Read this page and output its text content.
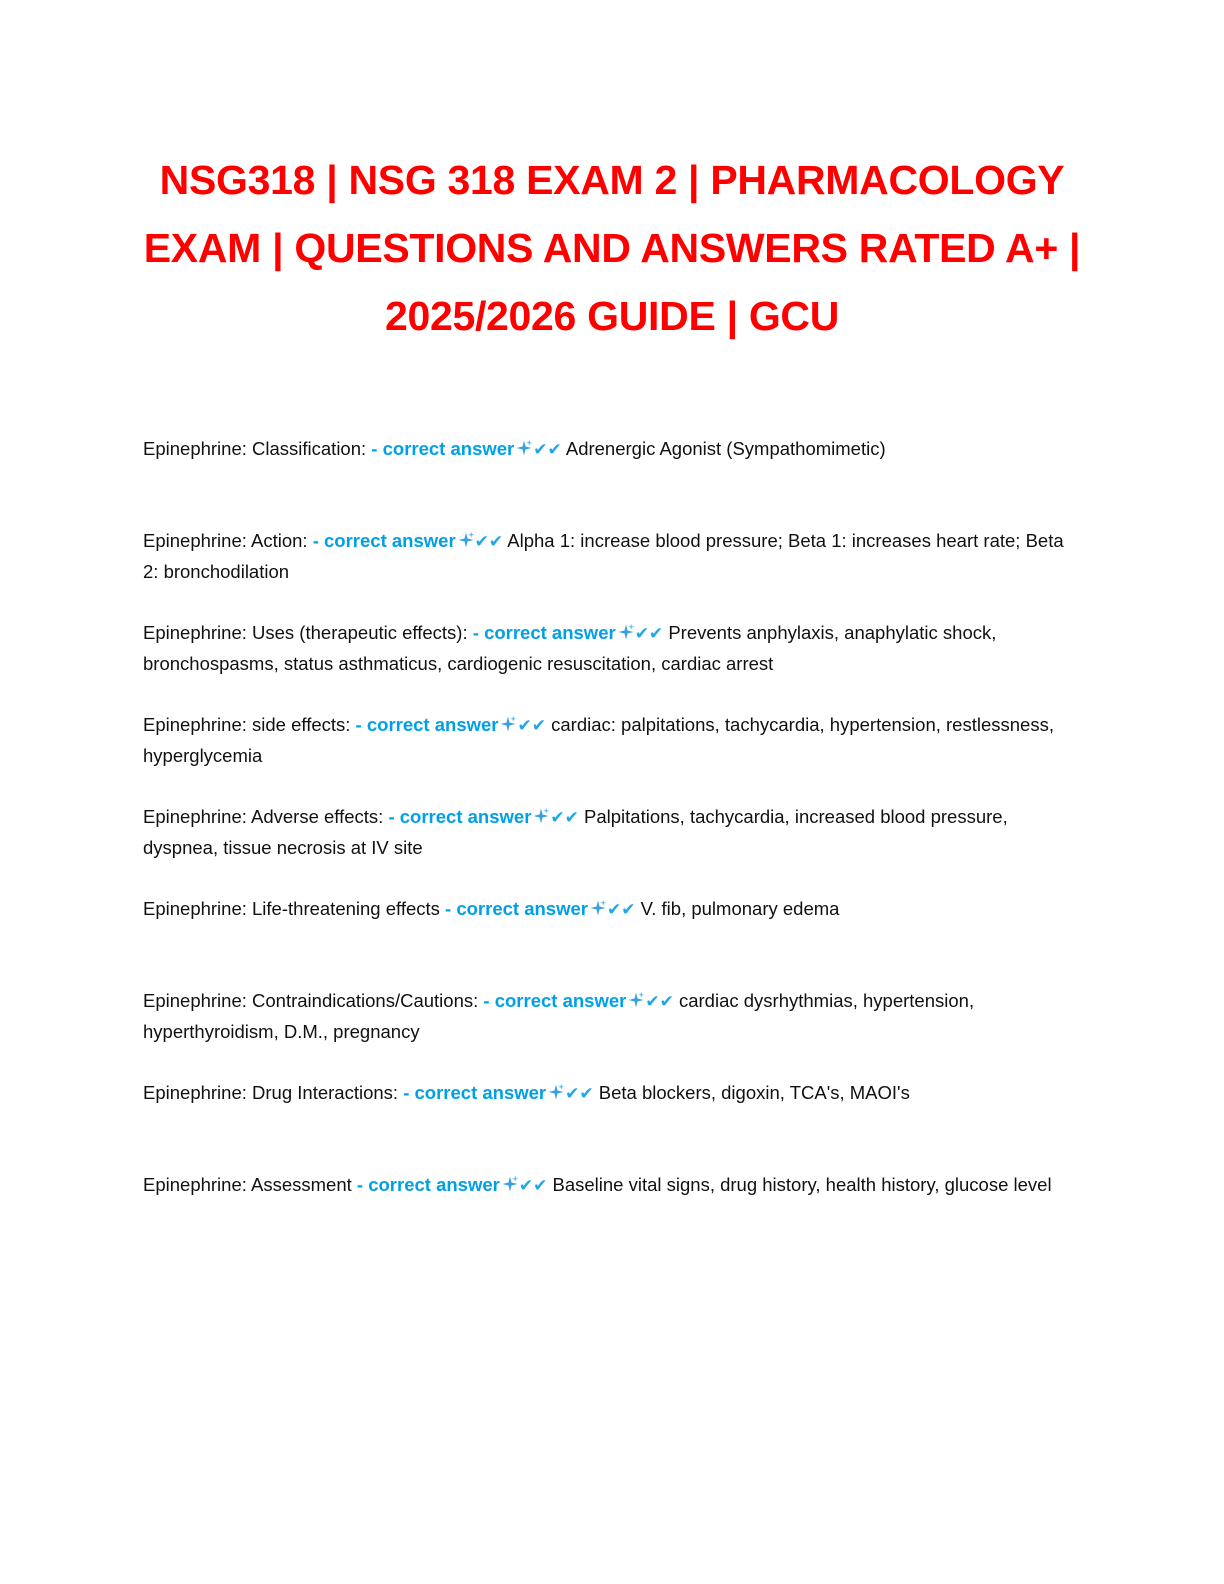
NSG318 | NSG 318 EXAM 2 | PHARMACOLOGY EXAM | QUESTIONS AND ANSWERS RATED A+ | 2025/2026 GUIDE | GCU

Epinephrine: Classification: - correct answer ✔✔ Adrenergic Agonist (Sympathomimetic)

Epinephrine: Action: - correct answer ✔✔ Alpha 1: increase blood pressure; Beta 1: increases heart rate; Beta 2: bronchodilation

Epinephrine: Uses (therapeutic effects): - correct answer ✔✔ Prevents anphylaxis, anaphylatic shock, bronchospasms, status asthmaticus, cardiogenic resuscitation, cardiac arrest

Epinephrine: side effects: - correct answer ✔✔ cardiac: palpitations, tachycardia, hypertension, restlessness, hyperglycemia

Epinephrine: Adverse effects: - correct answer ✔✔ Palpitations, tachycardia, increased blood pressure, dyspnea, tissue necrosis at IV site

Epinephrine: Life-threatening effects - correct answer ✔✔ V. fib, pulmonary edema

Epinephrine: Contraindications/Cautions: - correct answer ✔✔ cardiac dysrhythmias, hypertension, hyperthyroidism, D.M., pregnancy

Epinephrine: Drug Interactions: - correct answer ✔✔ Beta blockers, digoxin, TCA's, MAOI's

Epinephrine: Assessment - correct answer ✔✔ Baseline vital signs, drug history, health history, glucose level
